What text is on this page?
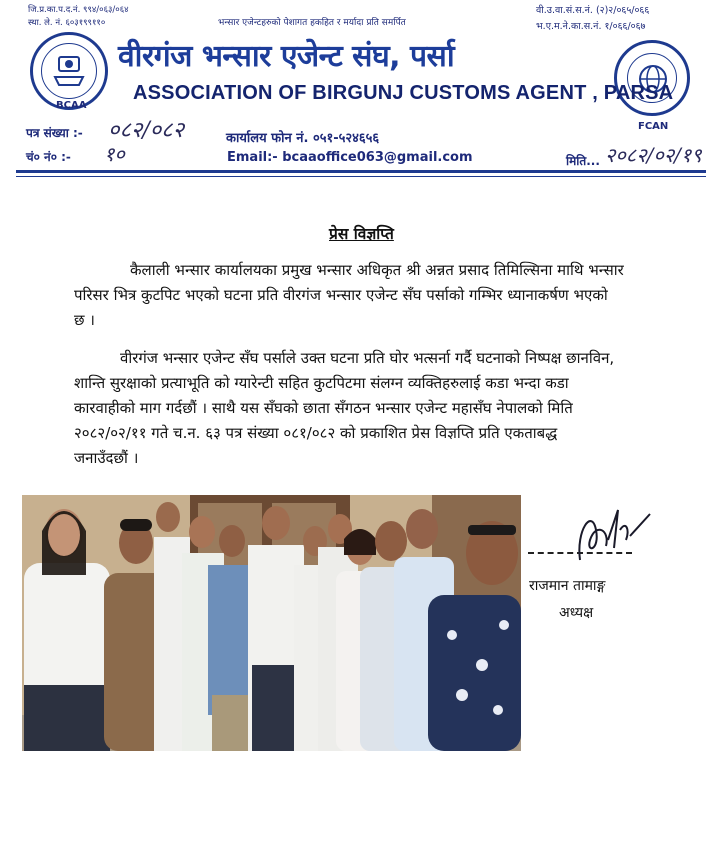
जि.प्र.का.प.द.नं. ९९४/०६३/०६४
स्था. ले. नं. ६०३१९९११०	भन्सार एजेन्टहरुको पेशागत हकहित र मर्यादा प्रति समर्पित
वी.उ.वा.सं.स.नं. (२)२/०६५/०६६
भ.ए.म.ने.का.स.नं. १/०६६/०६७
BCAA
FCAN
वीरगंज भन्सार एजेन्ट संघ, पर्सा
ASSOCIATION OF BIRGUNJ CUSTOMS AGENT , PARSA
पत्र संख्या :- ०८२/०८२
चं० नं० :- १०
कार्यालय फोन नं. ०५१-५२४६५६
Email:- bcaaoffice063@gmail.com	मिति... २०८२/०२/१९
प्रेस विज्ञप्ति
कैलाली भन्सार कार्यालयका प्रमुख भन्सार अधिकृत श्री अन्नत प्रसाद तिमिल्सिना माथि भन्सार
परिसर भित्र कुटपिट भएको घटना प्रति वीरगंज भन्सार एजेन्ट सँघ पर्साको गम्भिर ध्यानाकर्षण भएको
छ ।
वीरगंज भन्सार एजेन्ट सँघ पर्साले उक्त घटना प्रति घोर भत्सर्ना गर्दै घटनाको निष्पक्ष छानविन,
शान्ति सुरक्षाको प्रत्याभूति को ग्यारेन्टी सहित कुटपिटमा संलग्न व्यक्तिहरुलाई कडा भन्दा कडा
कारवाहीको माग गर्दछौं । साथै यस सँघको छाता सँगठन भन्सार एजेन्ट महासँघ नेपालको मिति
२०८२/०२/११ गते च.न. ६३ पत्र संख्या ०८१/०८२ को प्रकाशित प्रेस विज्ञप्ति प्रति एकताबद्ध
जनाउँदछौं ।
राजमान तामाङ्ग
अध्यक्ष
